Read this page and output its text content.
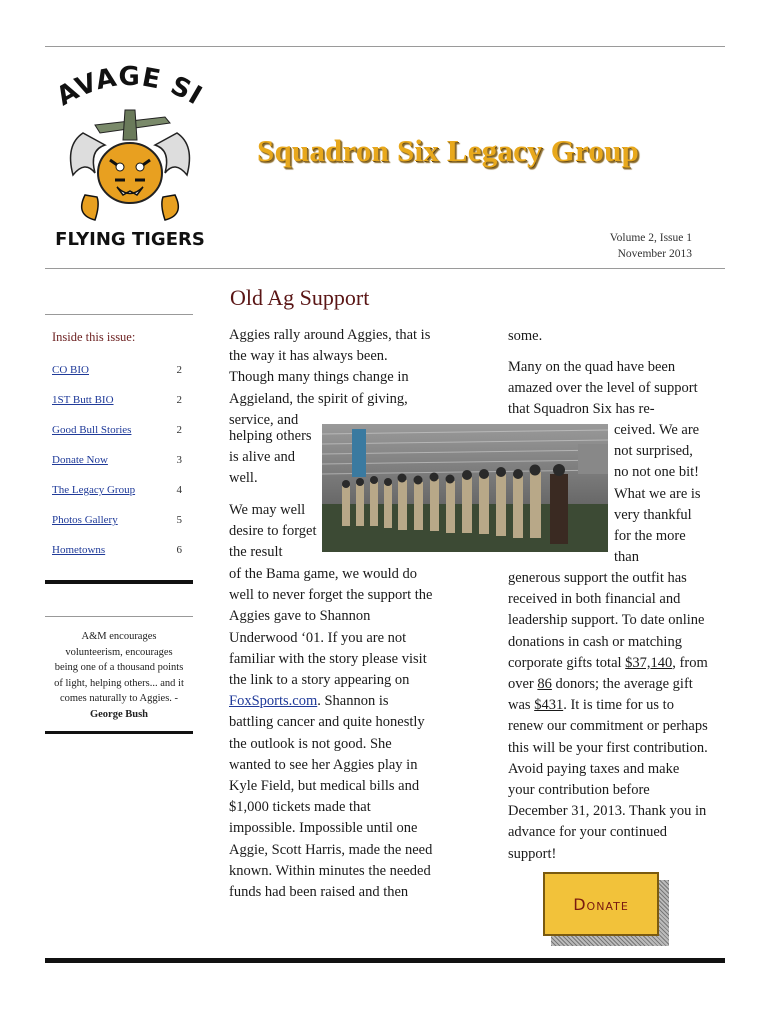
VAGE S
FLYING TIGERS
Squadron Six Legacy Group
Volume 2, Issue 1
November 2013
Inside this issue:
CO BIO	2
1ST Butt BIO	2
Good Bull Stories	2
Donate Now	3
The Legacy Group	4
Photos Gallery	5
Hometowns	6
A&M encourages volunteerism, encourages being one of a thousand points of light, helping others... and it comes naturally to Aggies. - George Bush
Old Ag Support
Aggies rally around Aggies, that is the way it has always been. Though many things change in Aggieland, the spirit of giving, service, and
helping others is alive and well.
We may well desire to forget the result
of the Bama game, we would do well to never forget the support the Aggies gave to Shannon Underwood ‘01. If you are not familiar with the story please visit the link to a story appearing on FoxSports.com. Shannon is battling cancer and quite honestly the outlook is not good. She wanted to see her Aggies play in Kyle Field, but medical bills and $1,000 tickets made that impossible. Impossible until one Aggie, Scott Harris, made the need known. Within minutes the needed funds had been raised and then
some.
Many on the quad have been amazed over the level of support that Squadron Six has re-
ceived. We are not surprised, no not one bit! What we are is very thankful for the more than
generous support the outfit has received in both financial and leadership support. To date online donations in cash or matching corporate gifts total $37,140, from over 86 donors; the average gift was $431. It is time for us to renew our commitment or perhaps this will be your first contribution. Avoid paying taxes and make your contribution before December 31, 2013. Thank you in advance for your continued support!
Donate
